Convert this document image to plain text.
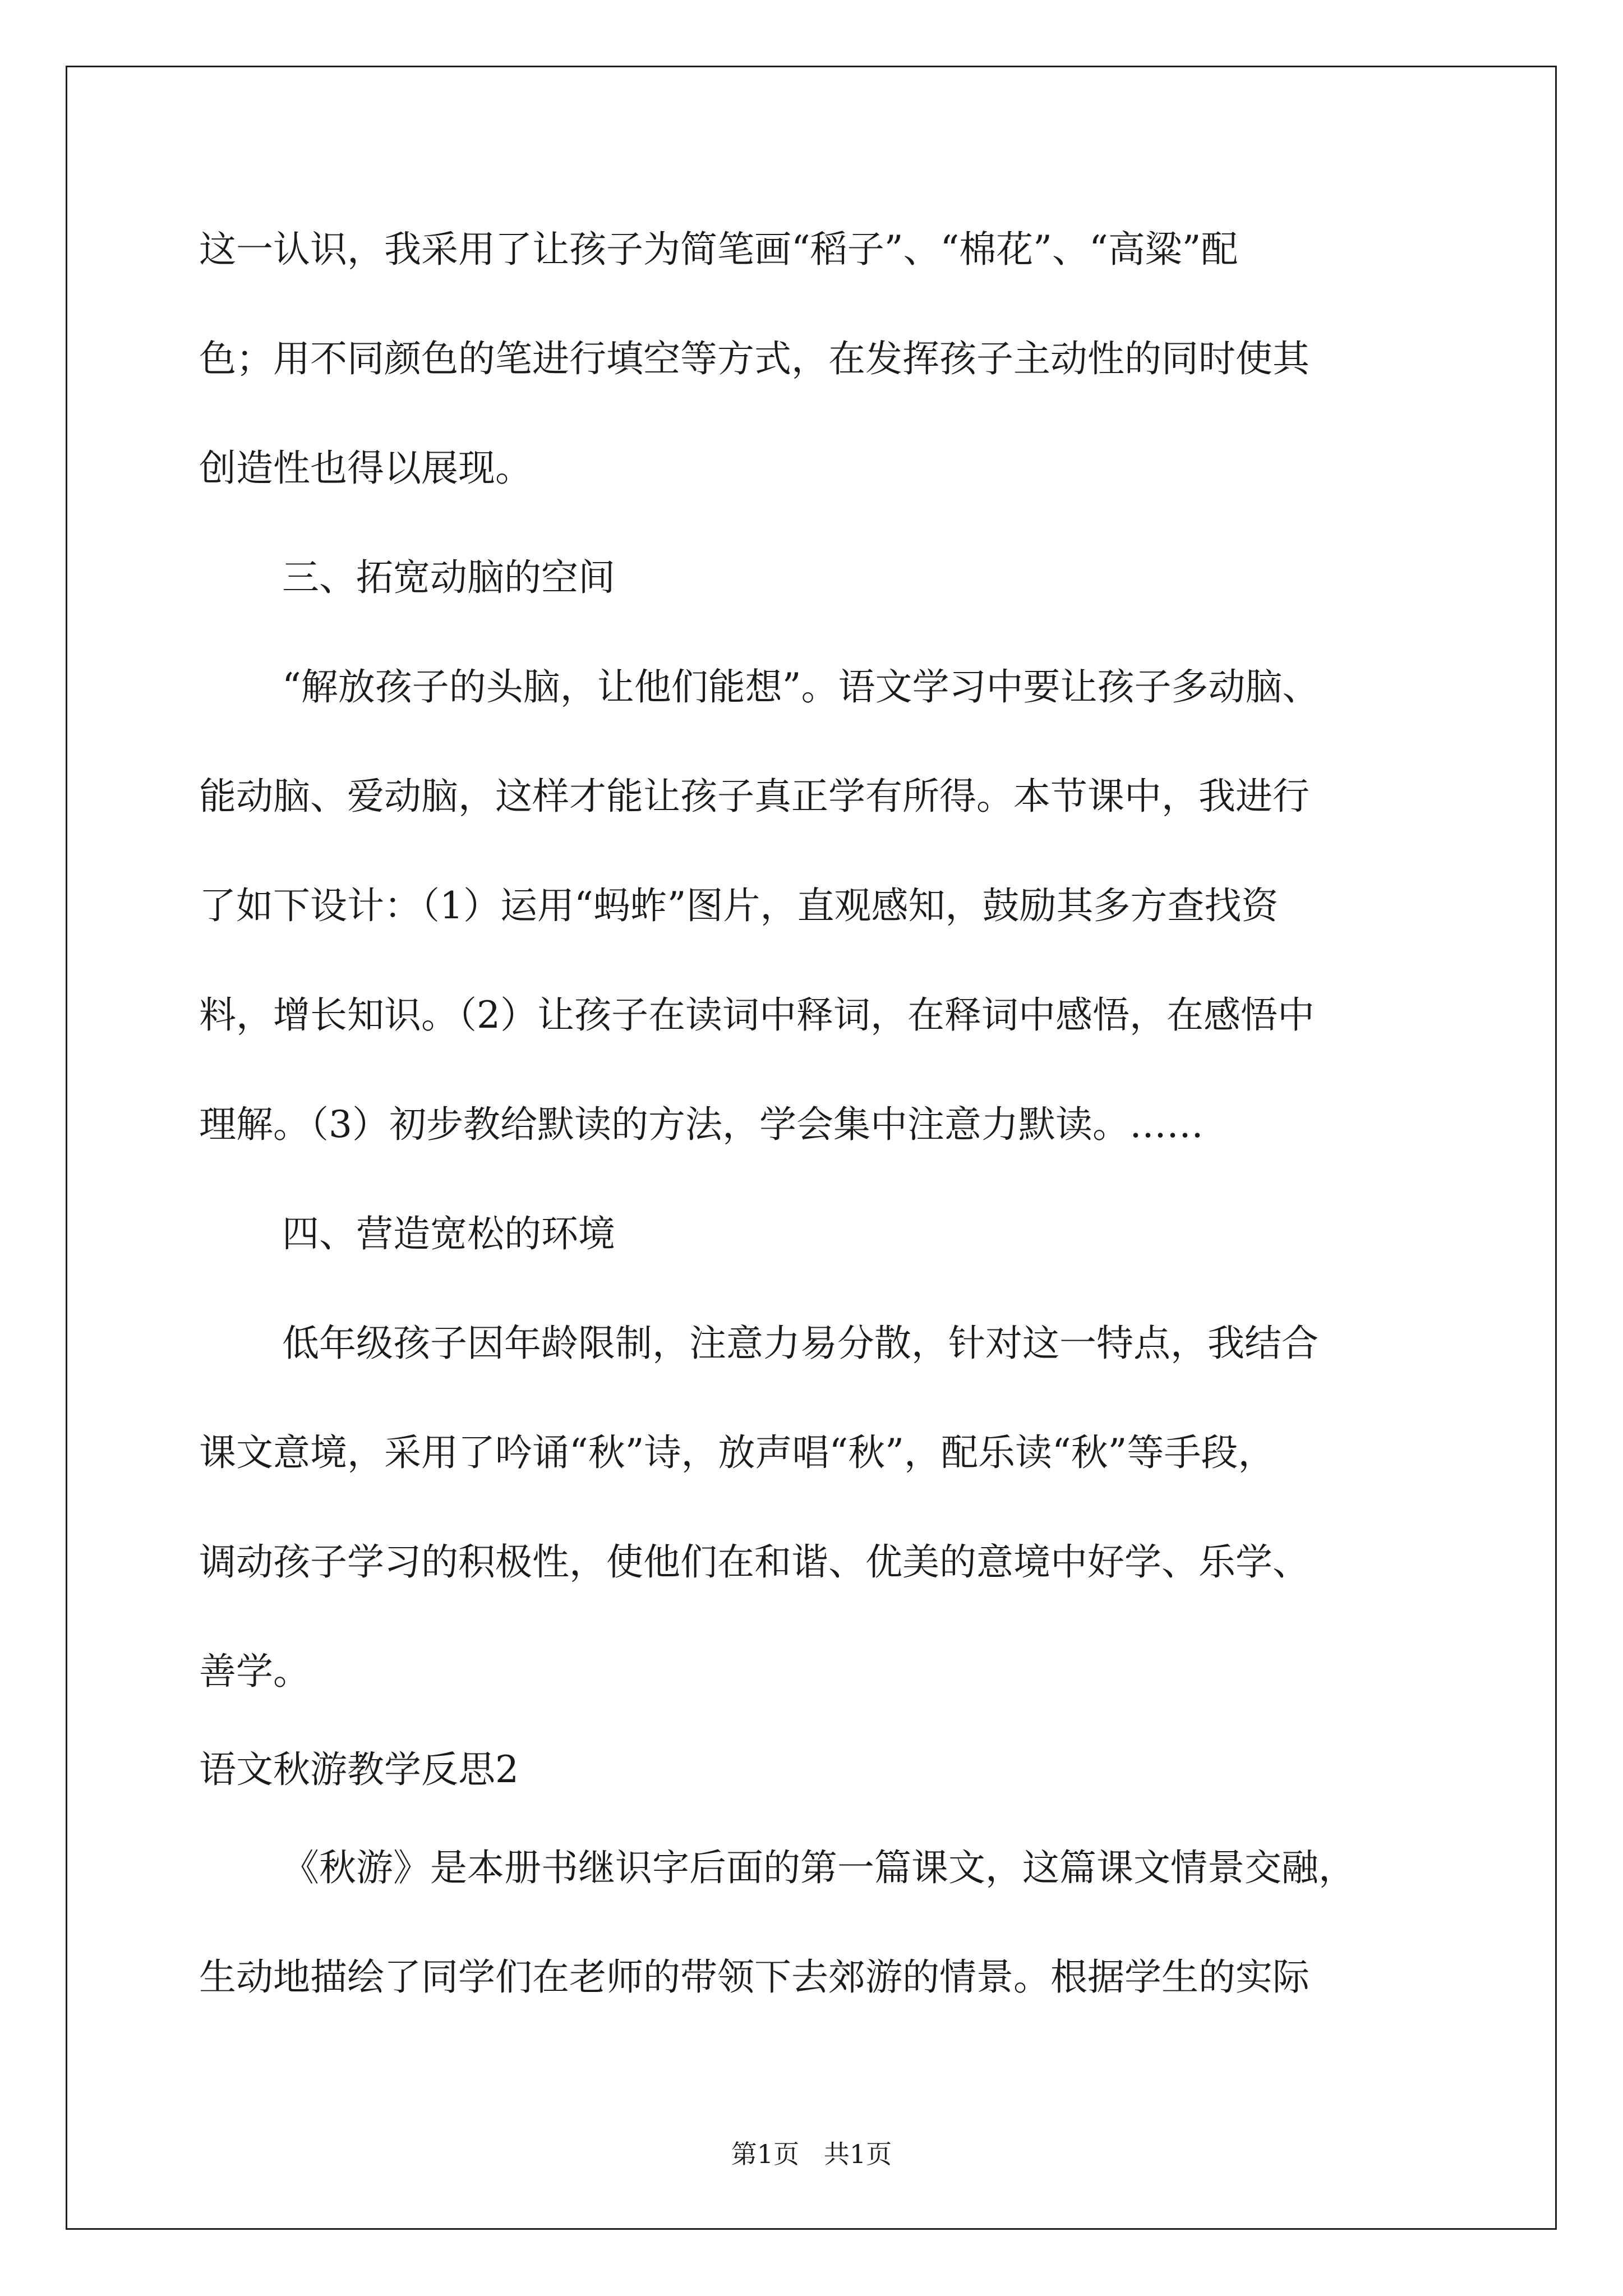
这一认识，我采用了让孩子为简笔画“稻子”、“棉花”、“高粱”配
色；用不同颜色的笔进行填空等方式，在发挥孩子主动性的同时使其
创造性也得以展现。
三、拓宽动脑的空间
“解放孩子的头脑，让他们能想”。语文学习中要让孩子多动脑、
能动脑、爱动脑，这样才能让孩子真正学有所得。本节课中，我进行
了如下设计：（1）运用“蚂蚱”图片，直观感知，鼓励其多方查找资
料，增长知识。（2）让孩子在读词中释词，在释词中感悟，在感悟中
理解。（3）初步教给默读的方法，学会集中注意力默读。……
四、营造宽松的环境
低年级孩子因年龄限制，注意力易分散，针对这一特点，我结合
课文意境，采用了吟诵“秋”诗，放声唱“秋”，配乐读“秋”等手段，
调动孩子学习的积极性，使他们在和谐、优美的意境中好学、乐学、
善学。
语文秋游教学反思2
《秋游》是本册书继识字后面的第一篇课文，这篇课文情景交融，
生动地描绘了同学们在老师的带领下去郊游的情景。根据学生的实际
第1页   共1页
